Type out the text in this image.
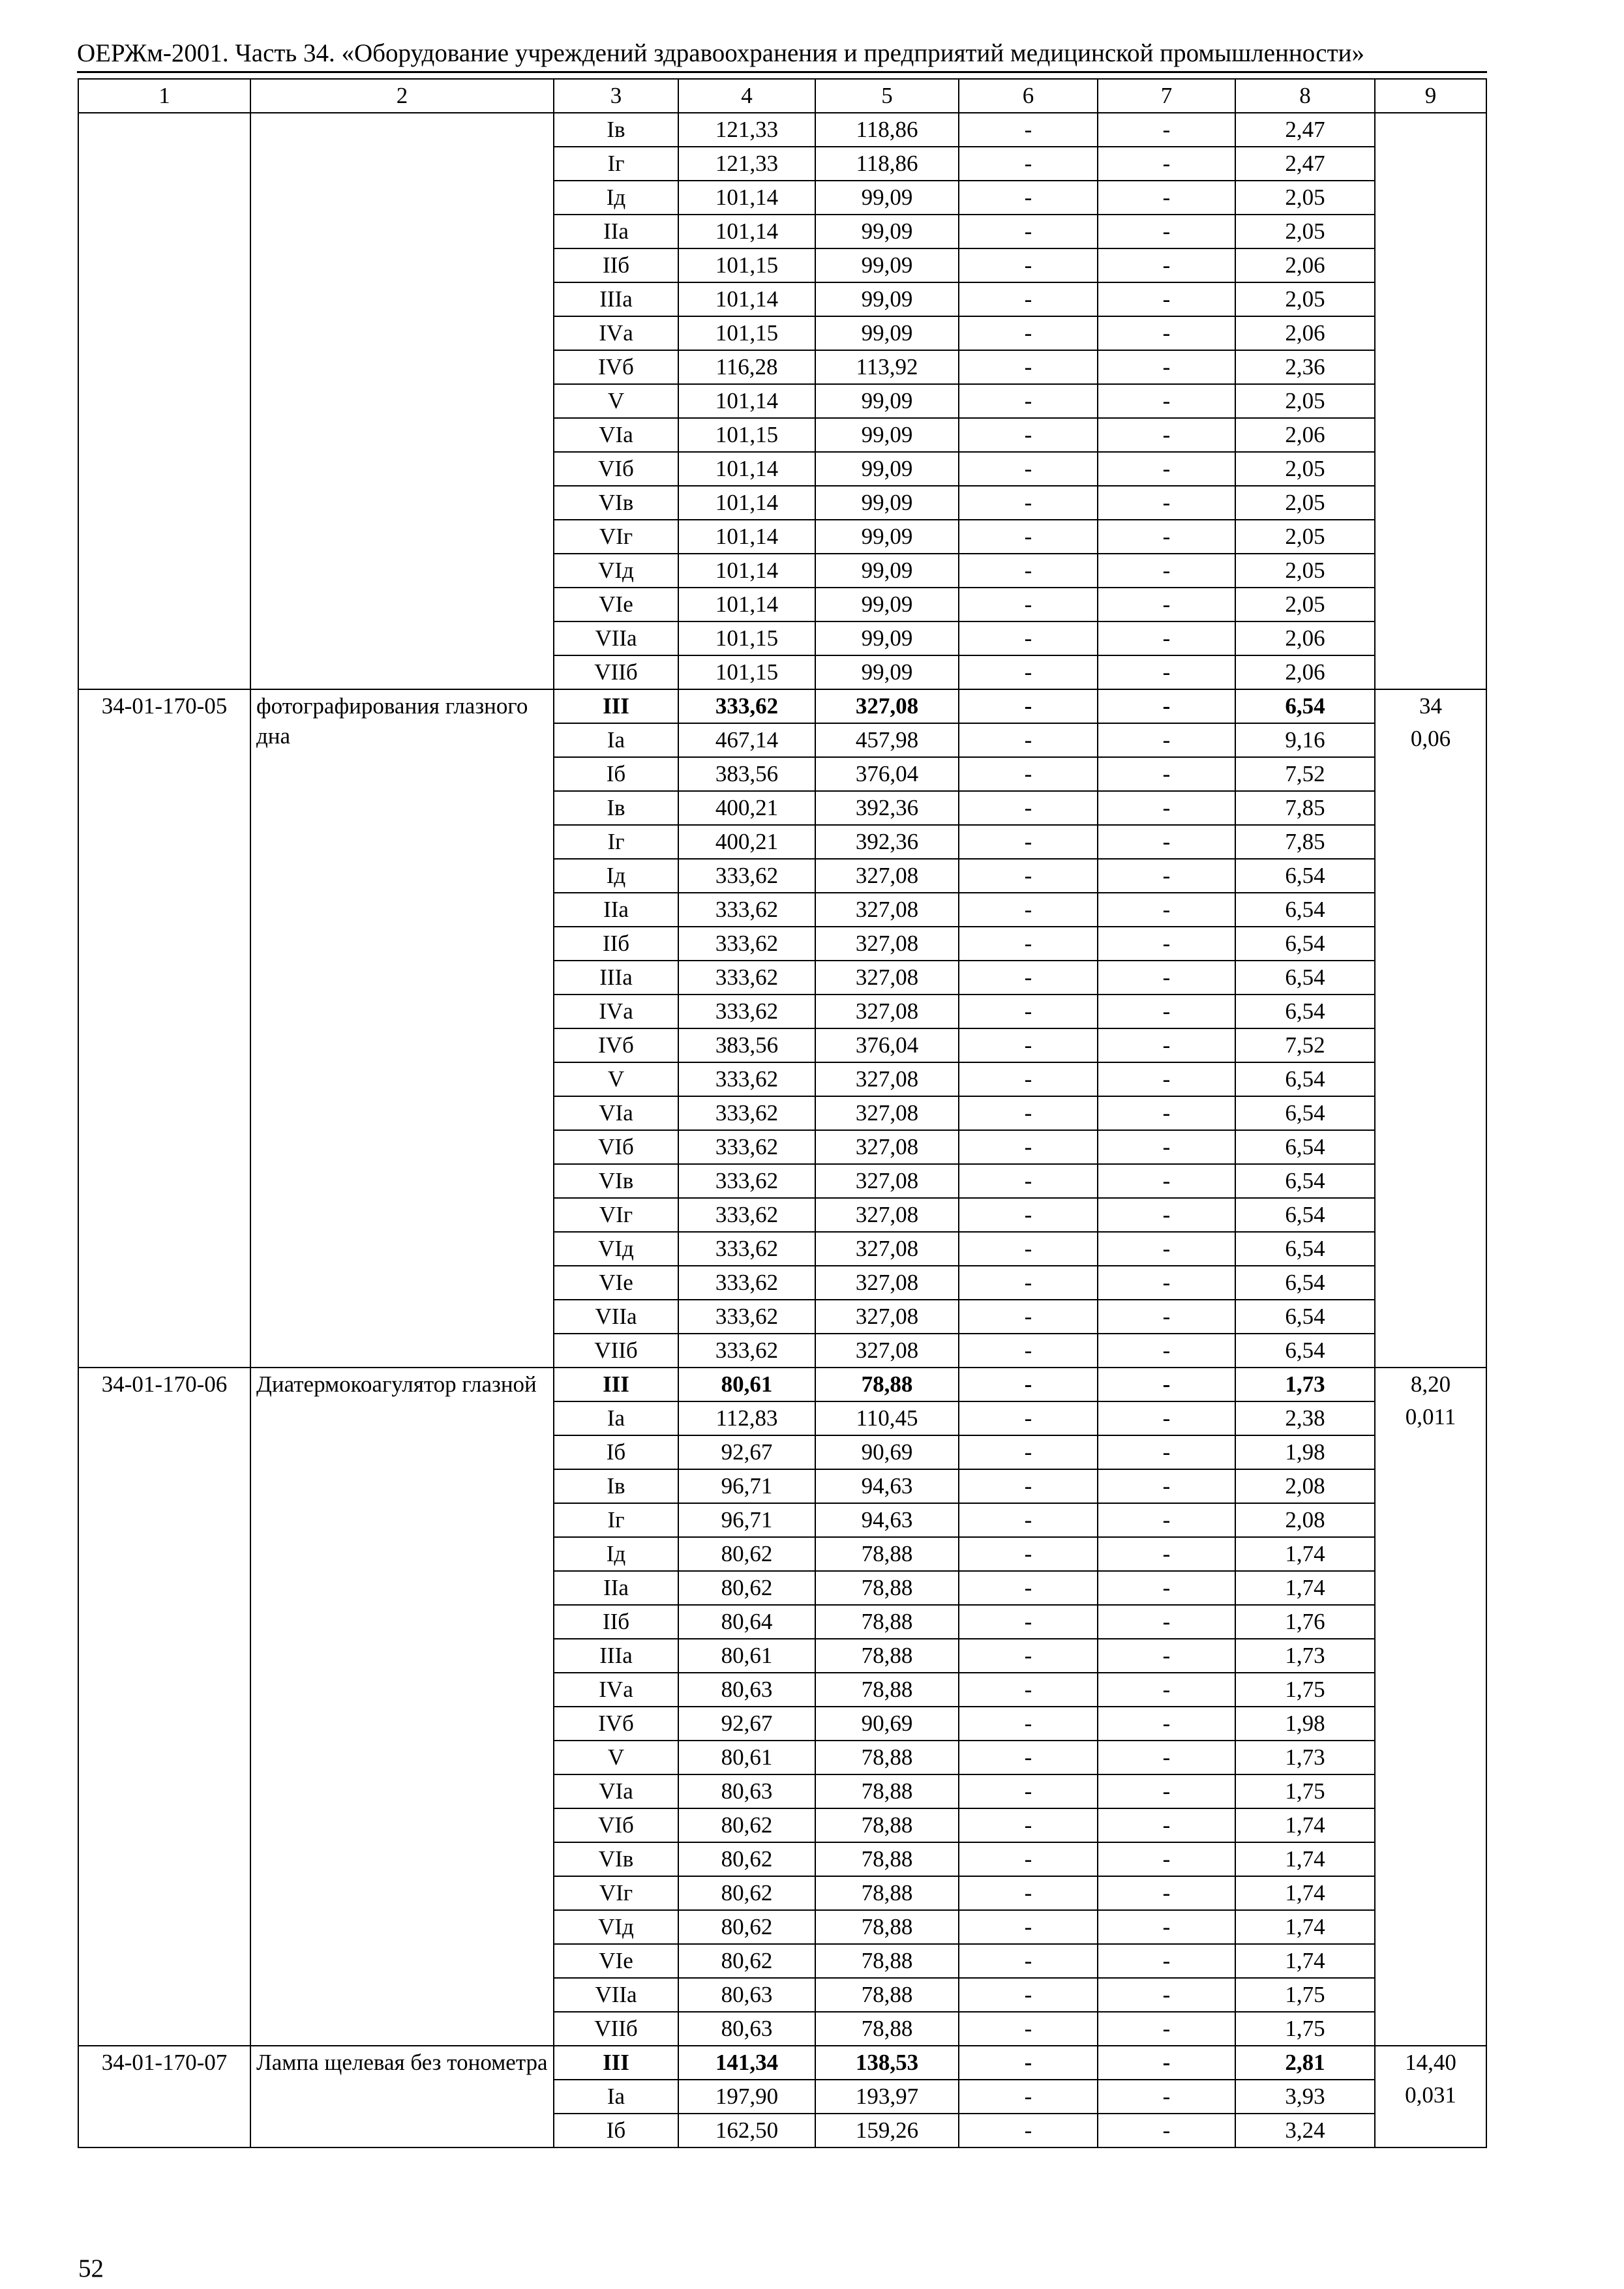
ОЕРЖм-2001. Часть 34. «Оборудование учреждений здравоохранения и предприятий медицинской промышленности»
1	2	3	4	5	6	7	8	9
		Iв	121,33	118,86	-	-	2,47	
		Iг	121,33	118,86	-	-	2,47	
		Iд	101,14	99,09	-	-	2,05	
		IIа	101,14	99,09	-	-	2,05	
		IIб	101,15	99,09	-	-	2,06	
		IIIа	101,14	99,09	-	-	2,05	
		IVа	101,15	99,09	-	-	2,06	
		IVб	116,28	113,92	-	-	2,36	
		V	101,14	99,09	-	-	2,05	
		VIа	101,15	99,09	-	-	2,06	
		VIб	101,14	99,09	-	-	2,05	
		VIв	101,14	99,09	-	-	2,05	
		VIг	101,14	99,09	-	-	2,05	
		VIд	101,14	99,09	-	-	2,05	
		VIе	101,14	99,09	-	-	2,05	
		VIIа	101,15	99,09	-	-	2,06	
		VIIб	101,15	99,09	-	-	2,06	
34-01-170-05	фотографирования глазного дна	III	333,62	327,08	-	-	6,54	34
0,06

		Iа	467,14	457,98	-	-	9,16	
		Iб	383,56	376,04	-	-	7,52	
		Iв	400,21	392,36	-	-	7,85	
		Iг	400,21	392,36	-	-	7,85	
		Iд	333,62	327,08	-	-	6,54	
		IIа	333,62	327,08	-	-	6,54	
		IIб	333,62	327,08	-	-	6,54	
		IIIа	333,62	327,08	-	-	6,54	
		IVа	333,62	327,08	-	-	6,54	
		IVб	383,56	376,04	-	-	7,52	
		V	333,62	327,08	-	-	6,54	
		VIа	333,62	327,08	-	-	6,54	
		VIб	333,62	327,08	-	-	6,54	
		VIв	333,62	327,08	-	-	6,54	
		VIг	333,62	327,08	-	-	6,54	
		VIд	333,62	327,08	-	-	6,54	
		VIе	333,62	327,08	-	-	6,54	
		VIIа	333,62	327,08	-	-	6,54	
		VIIб	333,62	327,08	-	-	6,54	
34-01-170-06	Диатермокоагулятор глазной	III	80,61	78,88	-	-	1,73	8,20
0,011

		Iа	112,83	110,45	-	-	2,38	
		Iб	92,67	90,69	-	-	1,98	
		Iв	96,71	94,63	-	-	2,08	
		Iг	96,71	94,63	-	-	2,08	
		Iд	80,62	78,88	-	-	1,74	
		IIа	80,62	78,88	-	-	1,74	
		IIб	80,64	78,88	-	-	1,76	
		IIIа	80,61	78,88	-	-	1,73	
		IVа	80,63	78,88	-	-	1,75	
		IVб	92,67	90,69	-	-	1,98	
		V	80,61	78,88	-	-	1,73	
		VIа	80,63	78,88	-	-	1,75	
		VIб	80,62	78,88	-	-	1,74	
		VIв	80,62	78,88	-	-	1,74	
		VIг	80,62	78,88	-	-	1,74	
		VIд	80,62	78,88	-	-	1,74	
		VIе	80,62	78,88	-	-	1,74	
		VIIа	80,63	78,88	-	-	1,75	
		VIIб	80,63	78,88	-	-	1,75	
34-01-170-07	Лампа щелевая без тонометра	III	141,34	138,53	-	-	2,81	14,40
0,031

		Iа	197,90	193,97	-	-	3,93	
		Iб	162,50	159,26	-	-	3,24	
52
